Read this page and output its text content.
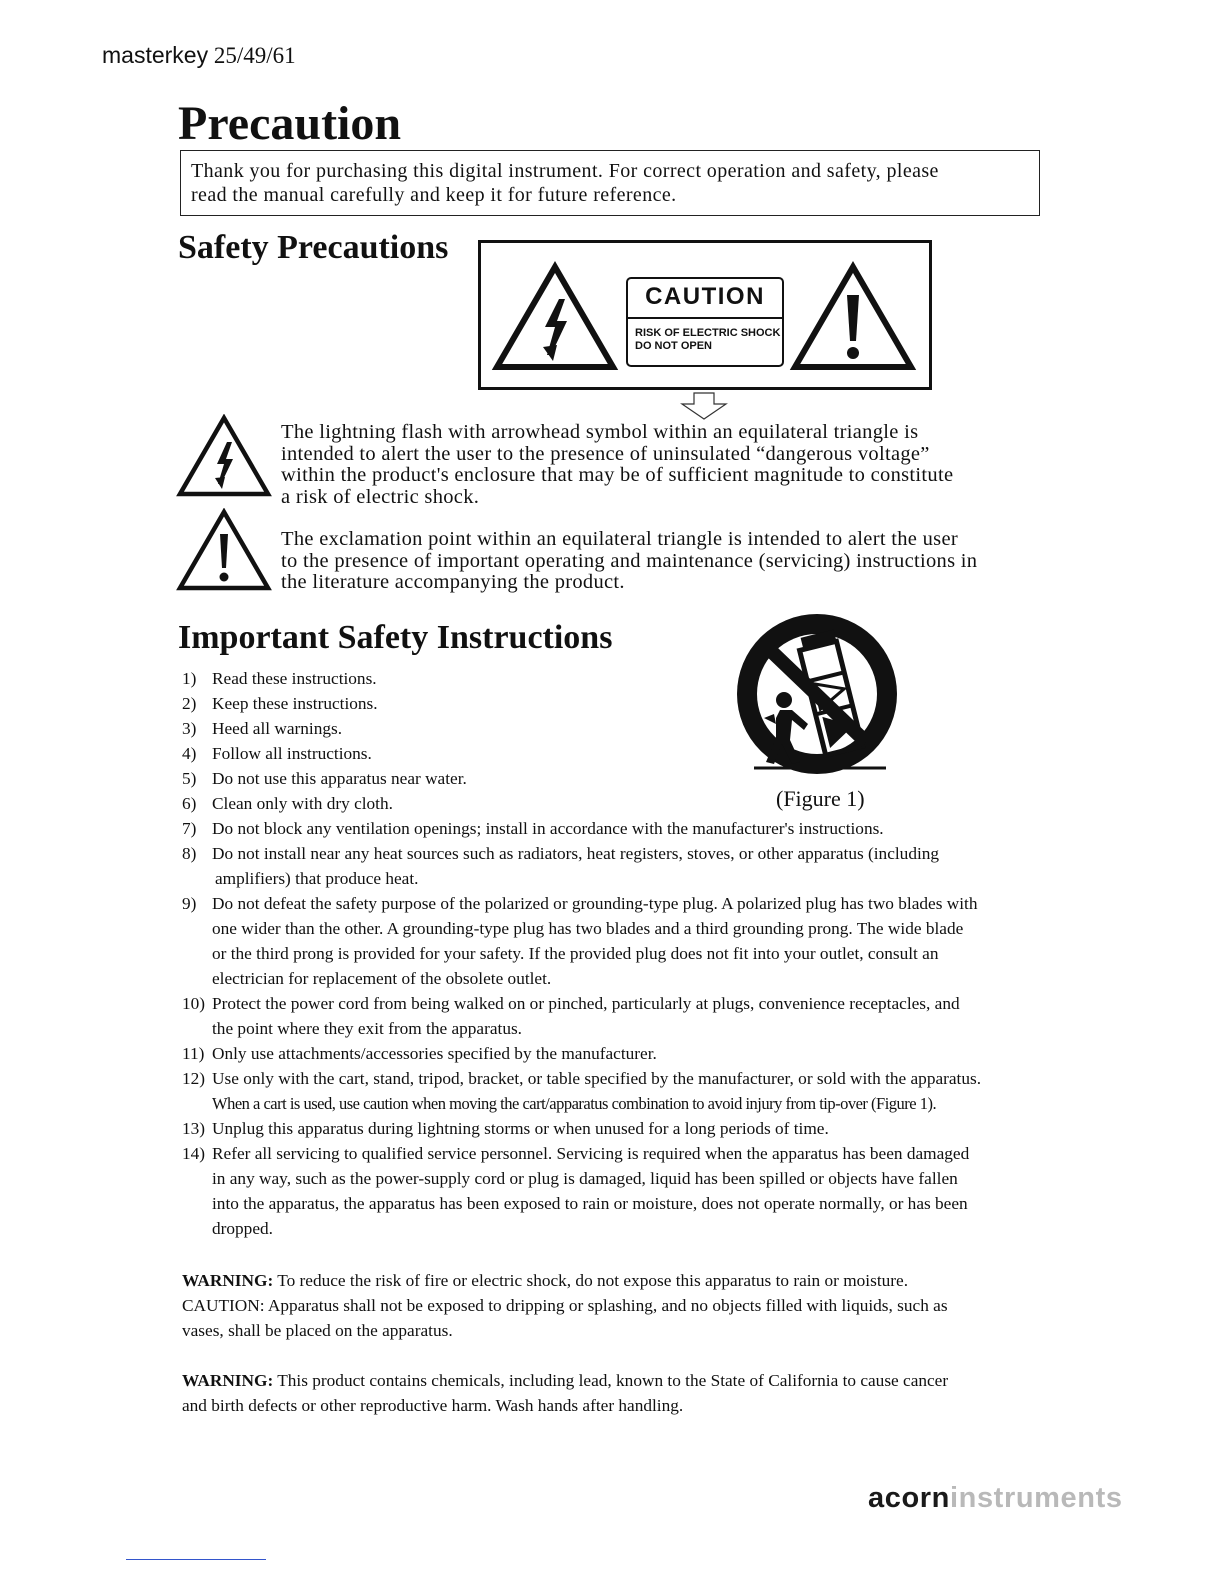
masterkey 25/49/61
Precaution
Thank you for purchasing this digital instrument. For correct operation and safety, please
read the manual carefully and keep it for future reference.
Safety Precautions
CAUTION
RISK OF ELECTRIC SHOCK
DO NOT OPEN
The lightning flash with arrowhead symbol within an equilateral triangle is
intended to alert the user to the presence of uninsulated “dangerous voltage”
within the product's enclosure that may be of sufficient magnitude to constitute
a risk of electric shock.
The exclamation point within an equilateral triangle is intended to alert the user
to the presence of important operating and maintenance (servicing) instructions in
the literature accompanying the product.
Important Safety Instructions
(Figure 1)
1) Read these instructions.
2) Keep these instructions.
3) Heed all warnings.
4) Follow all instructions.
5) Do not use this apparatus near water.
6) Clean only with dry cloth.
7) Do not block any ventilation openings; install in accordance with the manufacturer's instructions.
8) Do not install near any heat sources such as radiators, heat registers, stoves, or other apparatus (including
amplifiers) that produce heat.
9) Do not defeat the safety purpose of the polarized or grounding-type plug. A polarized plug has two blades with
one wider than the other. A grounding-type plug has two blades and a third grounding prong. The wide blade
or the third prong is provided for your safety. If the provided plug does not fit into your outlet, consult an
electrician for replacement of the obsolete outlet.
10) Protect the power cord from being walked on or pinched, particularly at plugs, convenience receptacles, and
the point where they exit from the apparatus.
11) Only use attachments/accessories specified by the manufacturer.
12) Use only with the cart, stand, tripod, bracket, or table specified by the manufacturer, or sold with the apparatus.
When a cart is used, use caution when moving the cart/apparatus combination to avoid injury from tip-over (Figure 1).
13) Unplug this apparatus during lightning storms or when unused for a long periods of time.
14) Refer all servicing to qualified service personnel. Servicing is required when the apparatus has been damaged
in any way, such as the power-supply cord or plug is damaged, liquid has been spilled or objects have fallen
into the apparatus, the apparatus has been exposed to rain or moisture, does not operate normally, or has been
dropped.
WARNING: To reduce the risk of fire or electric shock, do not expose this apparatus to rain or moisture.
CAUTION: Apparatus shall not be exposed to dripping or splashing, and no objects filled with liquids, such as
vases, shall be placed on the apparatus.
WARNING: This product contains chemicals, including lead, known to the State of California to cause cancer
and birth defects or other reproductive harm. Wash hands after handling.
acorninstruments
